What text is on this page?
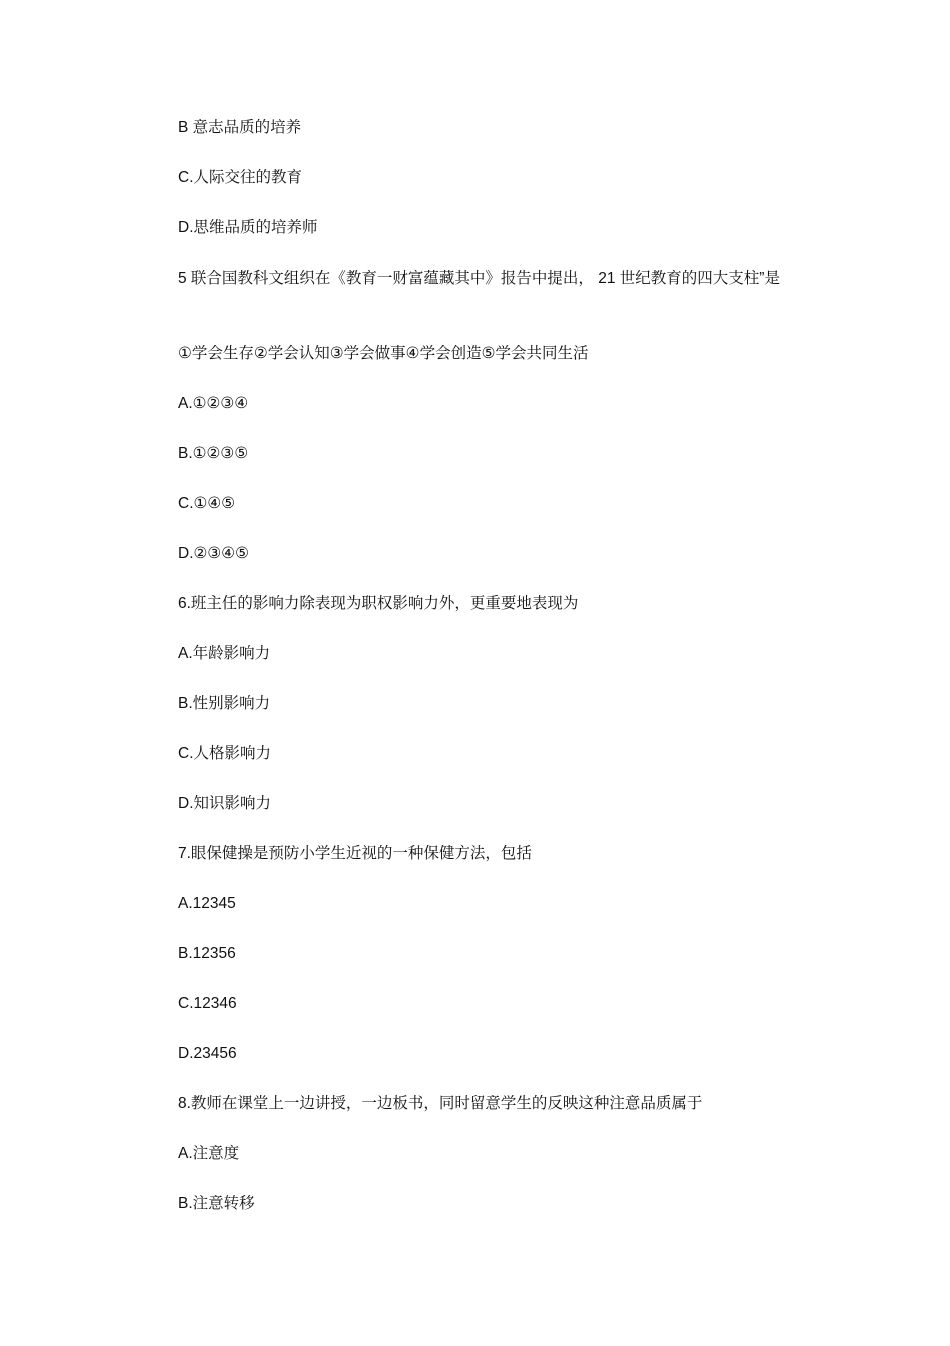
B 意志品质的培养
C.人际交往的教育
D.思维品质的培养师
5 联合国教科文组织在《教育一财富蕴藏其中》报告中提出， 21 世纪教育的四大支柱”是
①学会生存②学会认知③学会做事④学会创造⑤学会共同生活
A.①②③④
B.①②③⑤
C.①④⑤
D.②③④⑤
6.班主任的影响力除表现为职权影响力外，更重要地表现为
A.年龄影响力
B.性别影响力
C.人格影响力
D.知识影响力
7.眼保健操是预防小学生近视的一种保健方法，包括
A.12345
B.12356
C.12346
D.23456
8.教师在课堂上一边讲授，一边板书，同时留意学生的反映这种注意品质属于
A.注意度
B.注意转移
